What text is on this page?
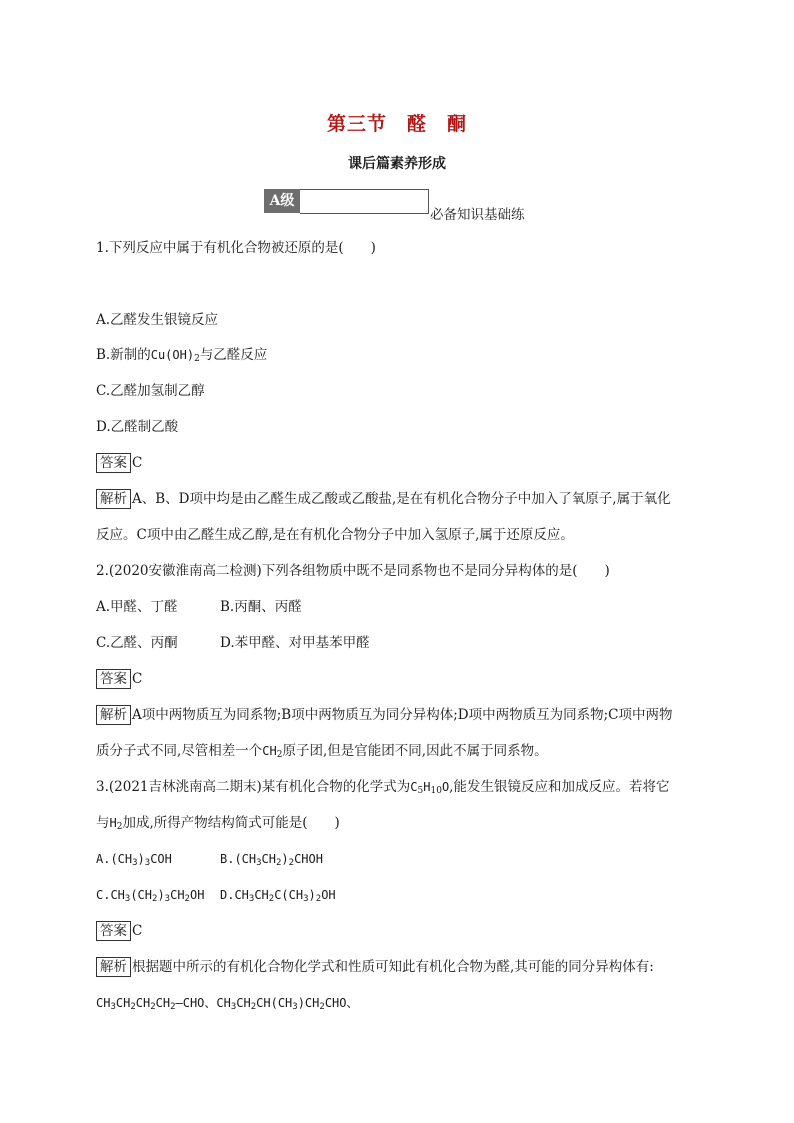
第三节　醛　酮
课后篇素养形成
A级
必备知识基础练
1.下列反应中属于有机化合物被还原的是(　　)
A.乙醛发生银镜反应
B.新制的$Cu(OH)_2$与乙醛反应
C.乙醛加氢制乙醇
D.乙醛制乙酸
答案 C
解析 A、B、D项中均是由乙醛生成乙酸或乙酸盐,是在有机化合物分子中加入了氧原子,属于氧化
反应。C项中由乙醛生成乙醇,是在有机化合物分子中加入氢原子,属于还原反应。
2.(2020安徽淮南高二检测)下列各组物质中既不是同系物也不是同分异构体的是(　　)
A.甲醛、丁醛	B.丙酮、丙醛
C.乙醛、丙酮	D.苯甲醛、对甲基苯甲醛
答案 C
解析 A项中两物质互为同系物;B项中两物质互为同分异构体;D项中两物质互为同系物;C项中两物
质分子式不同,尽管相差一个$CH_2$原子团,但是官能团不同,因此不属于同系物。
3.(2021吉林洮南高二期末)某有机化合物的化学式为$C_5H_{10}O$,能发生银镜反应和加成反应。若将它
与$H_2$加成,所得产物结构简式可能是(　　)
$A.(CH_3)_3COH$	$B.(CH_3CH_2)_2CHOH$
$C.CH_3(CH_2)_3CH_2OH$ $D.CH_3CH_2C(CH_3)_2OH$
答案 C
解析 根据题中所示的有机化合物化学式和性质可知此有机化合物为醛,其可能的同分异构体有:
$CH_3CH_2CH_2CH_2—CHO$、$CH_3CH_2CH(CH_3)CH_2CHO$、
